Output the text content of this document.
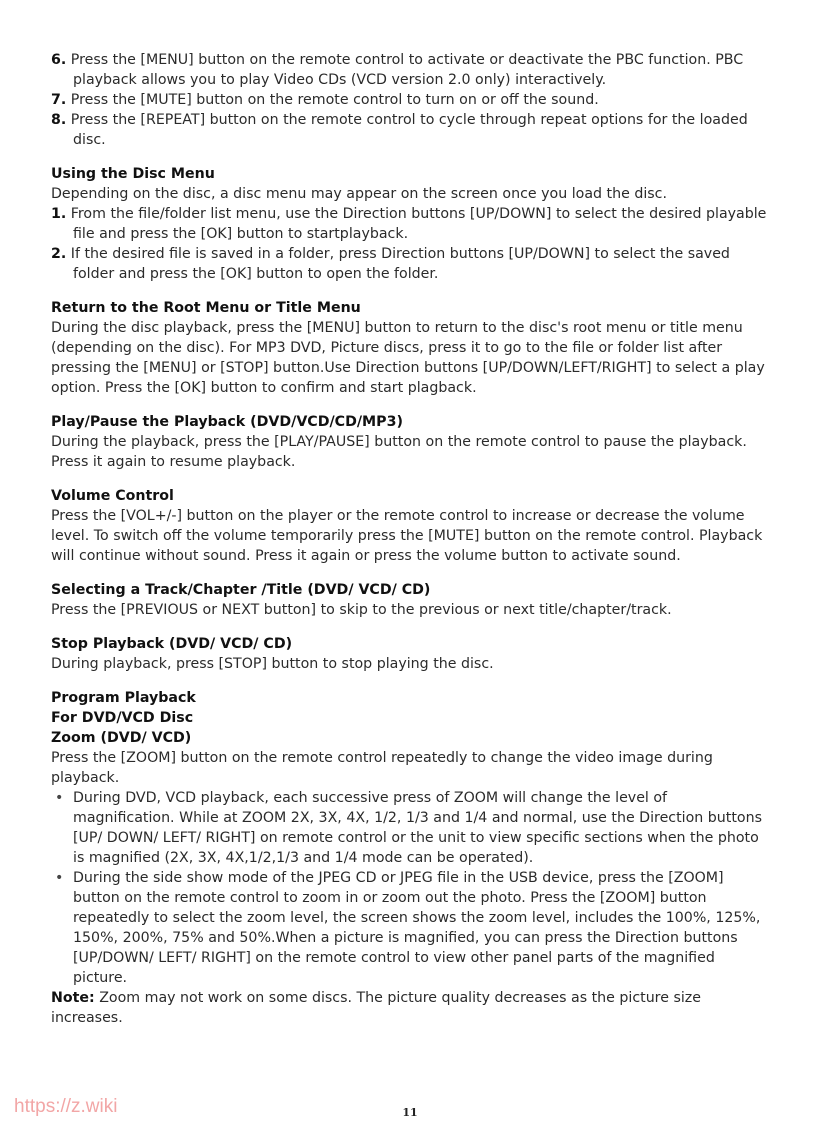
6. Press the [MENU] button on the remote control to activate or deactivate the PBC function. PBC playback allows you to play Video CDs (VCD version 2.0 only) interactively.

7. Press the [MUTE] button on the remote control to turn on or off the sound.

8. Press the [REPEAT] button on the remote control to cycle through repeat options for the loaded disc.

Using the Disc Menu

Depending on the disc, a disc menu may appear on the screen once you load the disc.

1. From the file/folder list menu, use the Direction buttons [UP/DOWN] to select the desired playable file and press the [OK] button to startplayback.

2. If the desired file is saved in a folder, press Direction buttons [UP/DOWN] to select the saved folder and press the [OK] button to open the folder.

Return to the Root Menu or Title Menu

During the disc playback, press the [MENU] button to return to the disc's root menu or title menu (depending on the disc). For MP3 DVD, Picture discs, press it to go to the file or folder list after pressing the [MENU] or [STOP] button.Use Direction buttons [UP/DOWN/LEFT/RIGHT] to select a play option. Press the [OK] button to confirm and start plagback.

Play/Pause the Playback (DVD/VCD/CD/MP3)

During the playback, press the [PLAY/PAUSE] button on the remote control to pause the playback. Press it again to resume playback.

Volume Control

Press the [VOL+/-] button on the player or the remote control to increase or decrease the volume level. To switch off the volume temporarily press the [MUTE] button on the remote control. Playback will continue without sound. Press it again or press the volume button to activate sound.

Selecting a Track/Chapter /Title (DVD/ VCD/ CD)

Press the [PREVIOUS or NEXT button] to skip to the previous or next title/chapter/track.

Stop Playback (DVD/ VCD/ CD)

During playback, press [STOP] button to stop playing the disc.

Program Playback
For DVD/VCD Disc
Zoom (DVD/ VCD)

Press the [ZOOM] button on the remote control repeatedly to change the video image during playback.

• During DVD, VCD playback, each successive press of ZOOM will change the level of magnification. While at ZOOM 2X, 3X, 4X, 1/2, 1/3 and 1/4 and normal, use the Direction buttons [UP/ DOWN/ LEFT/ RIGHT] on remote control or the unit to view specific sections when the photo is magnified (2X, 3X, 4X,1/2,1/3 and 1/4 mode can be operated).
• During the side show mode of the JPEG CD or JPEG file in the USB device, press the [ZOOM] button on the remote control to zoom in or zoom out the photo. Press the [ZOOM] button repeatedly to select the zoom level, the screen shows the zoom level, includes the 100%, 125%, 150%, 200%, 75% and 50%.When a picture is magnified, you can press the Direction buttons [UP/DOWN/ LEFT/ RIGHT] on the remote control to view other panel parts of the magnified picture.

Note: Zoom may not work on some discs. The picture quality decreases as the picture size increases.

https://z.wiki	11
